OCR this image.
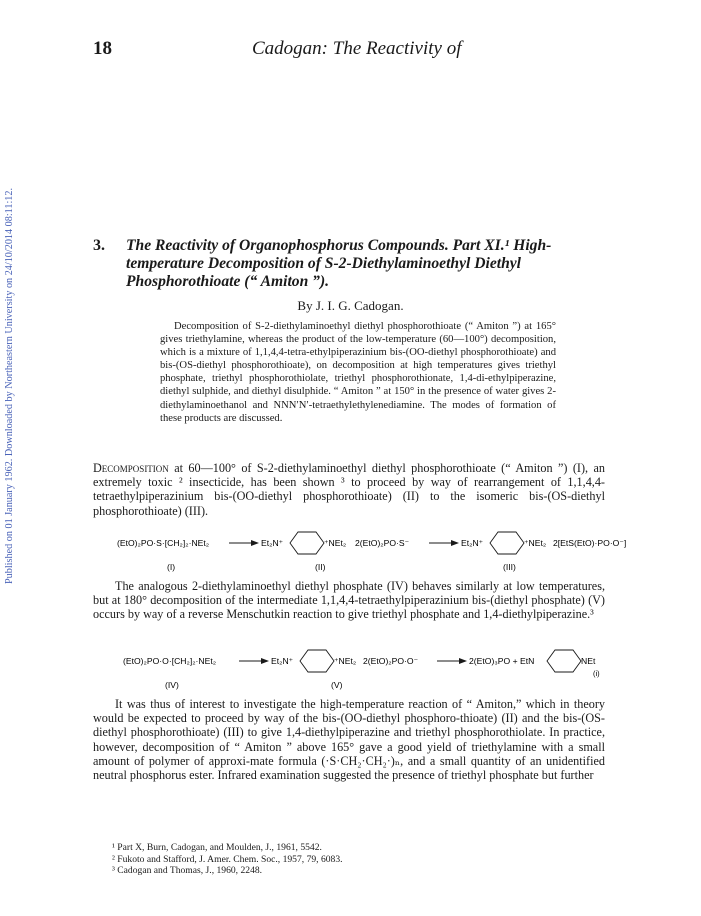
18	Cadogan: The Reactivity of
Published on 01 January 1962. Downloaded by Northeastern University on 24/10/2014 08:11:12.	3. The Reactivity of Organophosphorus Compounds. Part XI.¹ High-temperature Decomposition of S-2-Diethylaminoethyl Diethyl Phosphorothioate (“ Amiton ”).
By J. I. G. Cadogan.

Decomposition of S-2-diethylaminoethyl diethyl phosphorothioate (“ Amiton ”) at 165° gives triethylamine, whereas the product of the low-temperature (60—100°) decomposition, which is a mixture of 1,1,4,4-tetra-ethylpiperazinium bis-(OO-diethyl phosphorothioate) and bis-(OS-diethyl phosphorothioate), on decomposition at high temperatures gives triethyl phosphate, triethyl phosphorothiolate, triethyl phosphorothionate, 1,4-di-ethylpiperazine, diethyl sulphide, and diethyl disulphide. “ Amiton ” at 150° in the presence of water gives 2-diethylaminoethanol and NNN′N′-tetraethylethylenediamine. The modes of formation of these products are discussed.

Decomposition at 60—100° of S-2-diethylaminoethyl diethyl phosphorothioate (“ Amiton ”) (I), an extremely toxic ² insecticide, has been shown ³ to proceed by way of rearrangement of 1,1,4,4-tetraethylpiperazinium bis-(OO-diethyl phosphorothioate) (II) to the isomeric bis-(OS-diethyl phosphorothioate) (III).

(EtO)₂PO·S·[CH₂]₂·NEt₂	Et₂N⁺	⁺NEt₂ 2(EtO)₂PO·S⁻	Et₂N⁺	⁺NEt₂ 2[EtS(EtO)·PO·O⁻]
(I)	(II)	(III)

The analogous 2-diethylaminoethyl diethyl phosphate (IV) behaves similarly at low temperatures, but at 180° decomposition of the intermediate 1,1,4,4-tetraethylpiperazinium bis-(diethyl phosphate) (V) occurs by way of a reverse Menschutkin reaction to give triethyl phosphate and 1,4-diethylpiperazine.³

(EtO)₂PO·O·[CH₂]₂·NEt₂	Et₂N⁺	⁺NEt₂ 2(EtO)₂PO·O⁻	2(EtO)₃PO + EtN	NEt
(i)
(IV)	(V)

It was thus of interest to investigate the high-temperature reaction of “ Amiton,” which in theory would be expected to proceed by way of the bis-(OO-diethyl phosphoro-thioate) (II) and the bis-(OS-diethyl phosphorothioate) (III) to give 1,4-diethylpiperazine and triethyl phosphorothiolate. In practice, however, decomposition of “ Amiton ” above 165° gave a good yield of triethylamine with a small amount of polymer of approxi-mate formula (·S·CH₂·CH₂·)ₙ, and a small quantity of an unidentified neutral phosphorus ester. Infrared examination suggested the presence of triethyl phosphate but further

¹ Part X, Burn, Cadogan, and Moulden, J., 1961, 5542.
² Fukoto and Stafford, J. Amer. Chem. Soc., 1957, 79, 6083.
³ Cadogan and Thomas, J., 1960, 2248.
